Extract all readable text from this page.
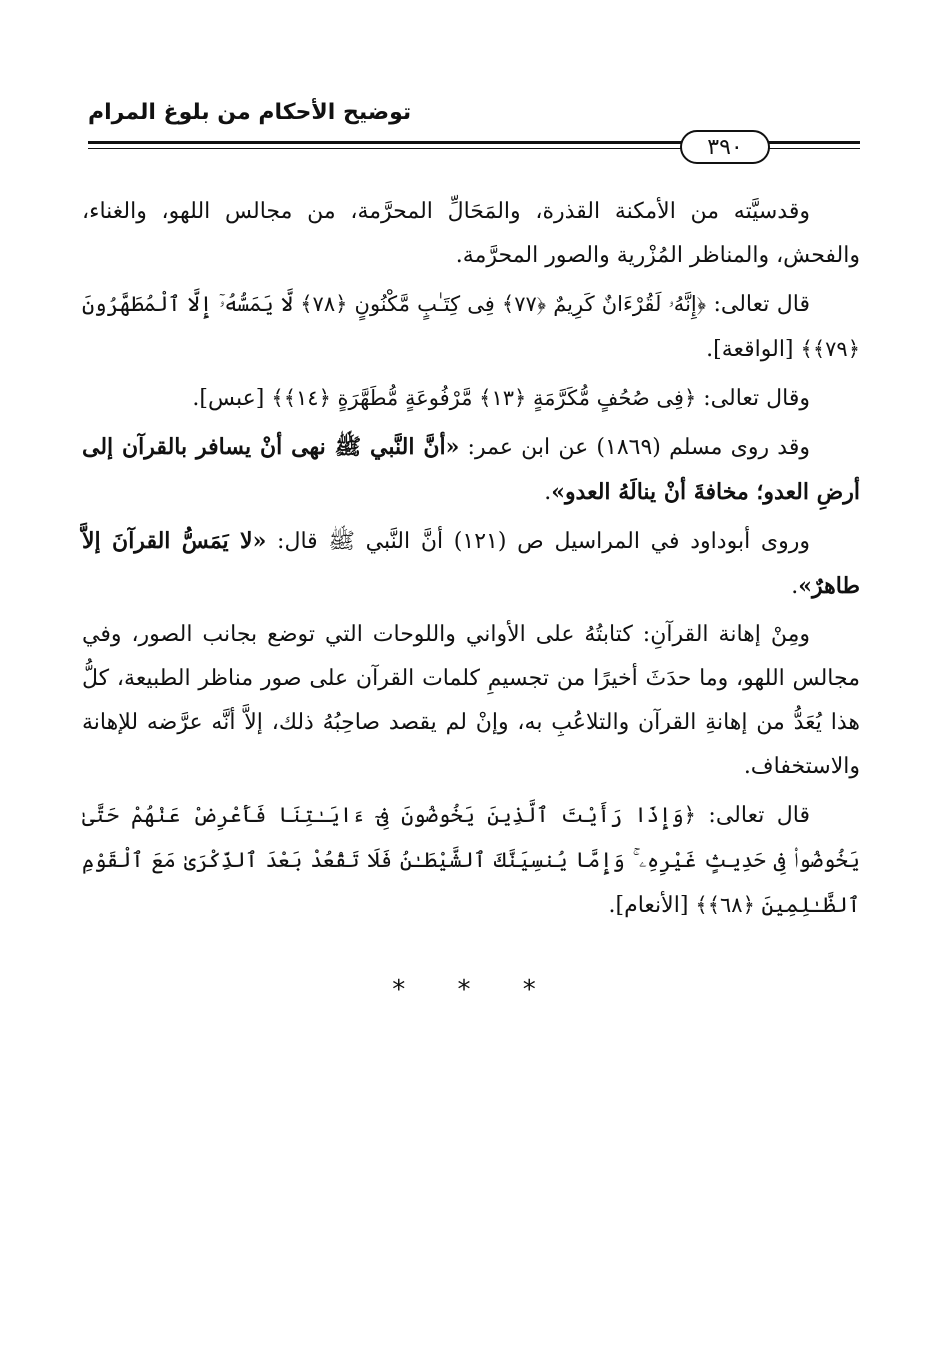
توضيح الأحكام من بلوغ المرام
٣٩٠

وقدسيَّته من الأمكنة القذرة، والمَحَالِّ المحرَّمة، من مجالس اللهو، والغناء، والفحش، والمناظر المُزْرية والصور المحرَّمة.

قال تعالى: ﴿إِنَّهُۥ لَقُرْءَانٌ كَرِيمٌ ﴿٧٧﴾ فِى كِتَـٰبٍ مَّكْنُونٍ ﴿٧٨﴾ لَّا يَمَسُّهُۥٓ إِلَّا ٱلْمُطَهَّرُونَ ﴿٧٩﴾﴾ [الواقعة].

وقال تعالى: ﴿فِى صُحُفٍ مُّكَرَّمَةٍ ﴿١٣﴾ مَّرْفُوعَةٍ مُّطَهَّرَةٍ ﴿١٤﴾﴾ [عبس].

وقد روى مسلم (١٨٦٩) عن ابن عمر: «أنَّ النَّبي ﷺ نهى أنْ يسافر بالقرآن إلى أرضِ العدو؛ مخافةَ أنْ ينالَهُ العدو».

وروى أبوداود في المراسيل ص (١٢١) أنَّ النَّبي ﷺ قال: «لا يَمَسُّ القرآنَ إلاَّ طاهرٌ».

ومِنْ إهانة القرآنِ: كتابتُهُ على الأواني واللوحات التي توضع بجانب الصور، وفي مجالس اللهو، وما حدَثَ أخيرًا من تجسيمِ كلمات القرآن على صور مناظر الطبيعة، كلُّ هذا يُعَدُّ من إهانةِ القرآن والتلاعُبِ به، وإنْ لم يقصد صاحِبُهُ ذلك، إلاَّ أنَّه عرَّضه للإهانة والاستخفاف.

قال تعالى: ﴿وَإِذَا رَأَيْتَ ٱلَّذِينَ يَخُوضُونَ فِىٓ ءَايَـٰتِنَا فَأَعْرِضْ عَنْهُمْ حَتَّىٰ يَخُوضُوا۟ فِى حَدِيثٍ غَيْرِهِۦ ۚ وَإِمَّا يُنسِيَنَّكَ ٱلشَّيْطَـٰنُ فَلَا تَقْعُدْ بَعْدَ ٱلذِّكْرَىٰ مَعَ ٱلْقَوْمِ ٱلظَّـٰلِمِينَ ﴿٦٨﴾﴾ [الأنعام].

* * *
